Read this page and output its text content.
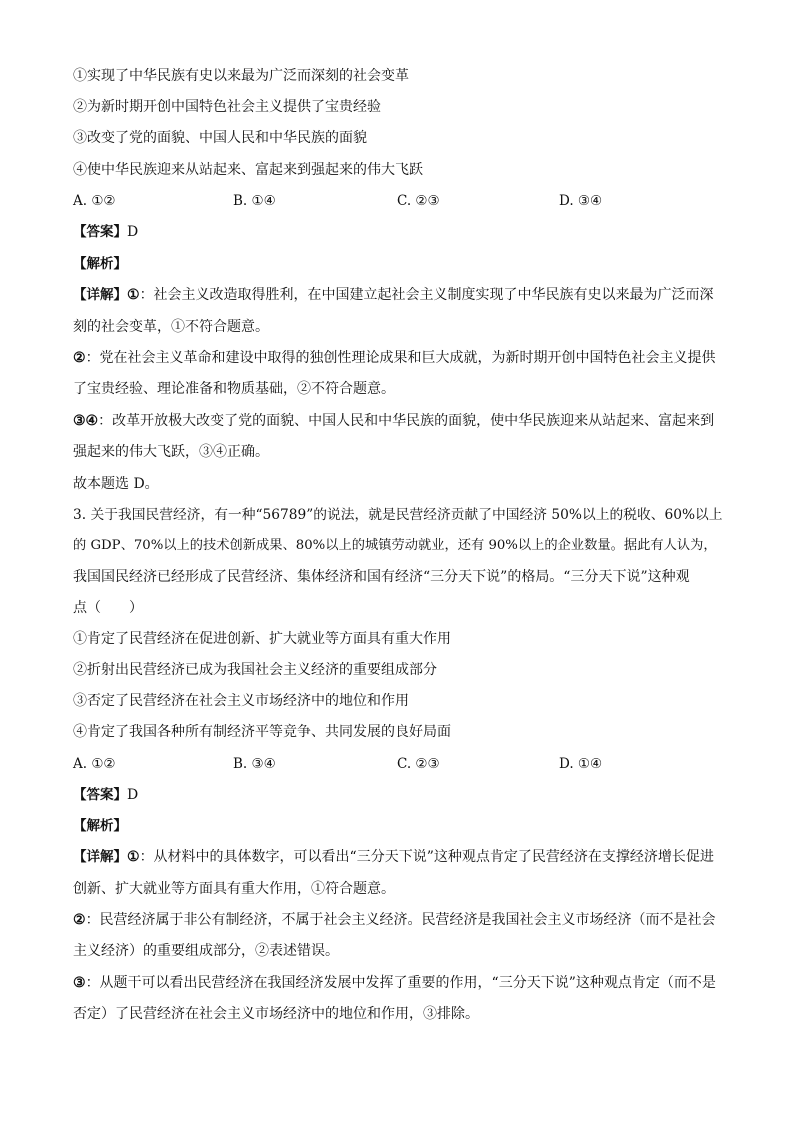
①实现了中华民族有史以来最为广泛而深刻的社会变革
②为新时期开创中国特色社会主义提供了宝贵经验
③改变了党的面貌、中国人民和中华民族的面貌
④使中华民族迎来从站起来、富起来到强起来的伟大飞跃
A. ①②	B. ①④	C. ②③	D. ③④
【答案】D
【解析】
【详解】①：社会主义改造取得胜利，在中国建立起社会主义制度实现了中华民族有史以来最为广泛而深
刻的社会变革，①不符合题意。
②：党在社会主义革命和建设中取得的独创性理论成果和巨大成就，为新时期开创中国特色社会主义提供
了宝贵经验、理论准备和物质基础，②不符合题意。
③④：改革开放极大改变了党的面貌、中国人民和中华民族的面貌，使中华民族迎来从站起来、富起来到
强起来的伟大飞跃，③④正确。
故本题选 D。
3. 关于我国民营经济，有一种“56789”的说法，就是民营经济贡献了中国经济 50%以上的税收、60%以上
的 GDP、70%以上的技术创新成果、80%以上的城镇劳动就业，还有 90%以上的企业数量。据此有人认为，
我国国民经济已经形成了民营经济、集体经济和国有经济“三分天下说”的格局。“三分天下说”这种观
点（　　）
①肯定了民营经济在促进创新、扩大就业等方面具有重大作用
②折射出民营经济已成为我国社会主义经济的重要组成部分
③否定了民营经济在社会主义市场经济中的地位和作用
④肯定了我国各种所有制经济平等竞争、共同发展的良好局面
A. ①②	B. ③④	C. ②③	D. ①④
【答案】D
【解析】
【详解】①：从材料中的具体数字，可以看出“三分天下说”这种观点肯定了民营经济在支撑经济增长促进
创新、扩大就业等方面具有重大作用，①符合题意。
②：民营经济属于非公有制经济，不属于社会主义经济。民营经济是我国社会主义市场经济（而不是社会
主义经济）的重要组成部分，②表述错误。
③：从题干可以看出民营经济在我国经济发展中发挥了重要的作用，“三分天下说”这种观点肯定（而不是
否定）了民营经济在社会主义市场经济中的地位和作用，③排除。
